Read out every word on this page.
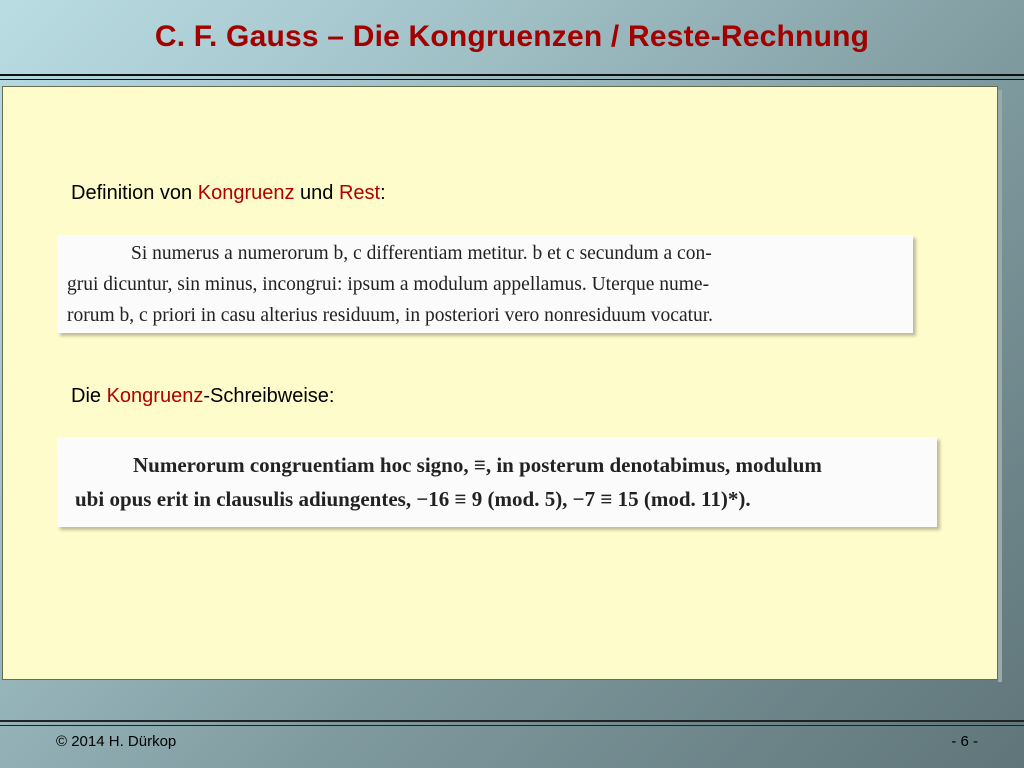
C. F. Gauss – Die Kongruenzen / Reste-Rechnung
Definition von Kongruenz und Rest:
Si numerus a numerorum b, c differentiam metitur. b et c secundum a con-
grui dicuntur, sin minus, incongrui: ipsum a modulum appellamus. Uterque nume-
rorum b, c priori in casu alterius residuum, in posteriori vero nonresiduum vocatur.
Die Kongruenz-Schreibweise:
Numerorum congruentiam hoc signo, ≡, in posterum denotabimus, modulum
ubi opus erit in clausulis adiungentes, −16 ≡ 9 (mod. 5), −7 ≡ 15 (mod. 11)*).
© 2014 H. Dürkop	- 6 -
